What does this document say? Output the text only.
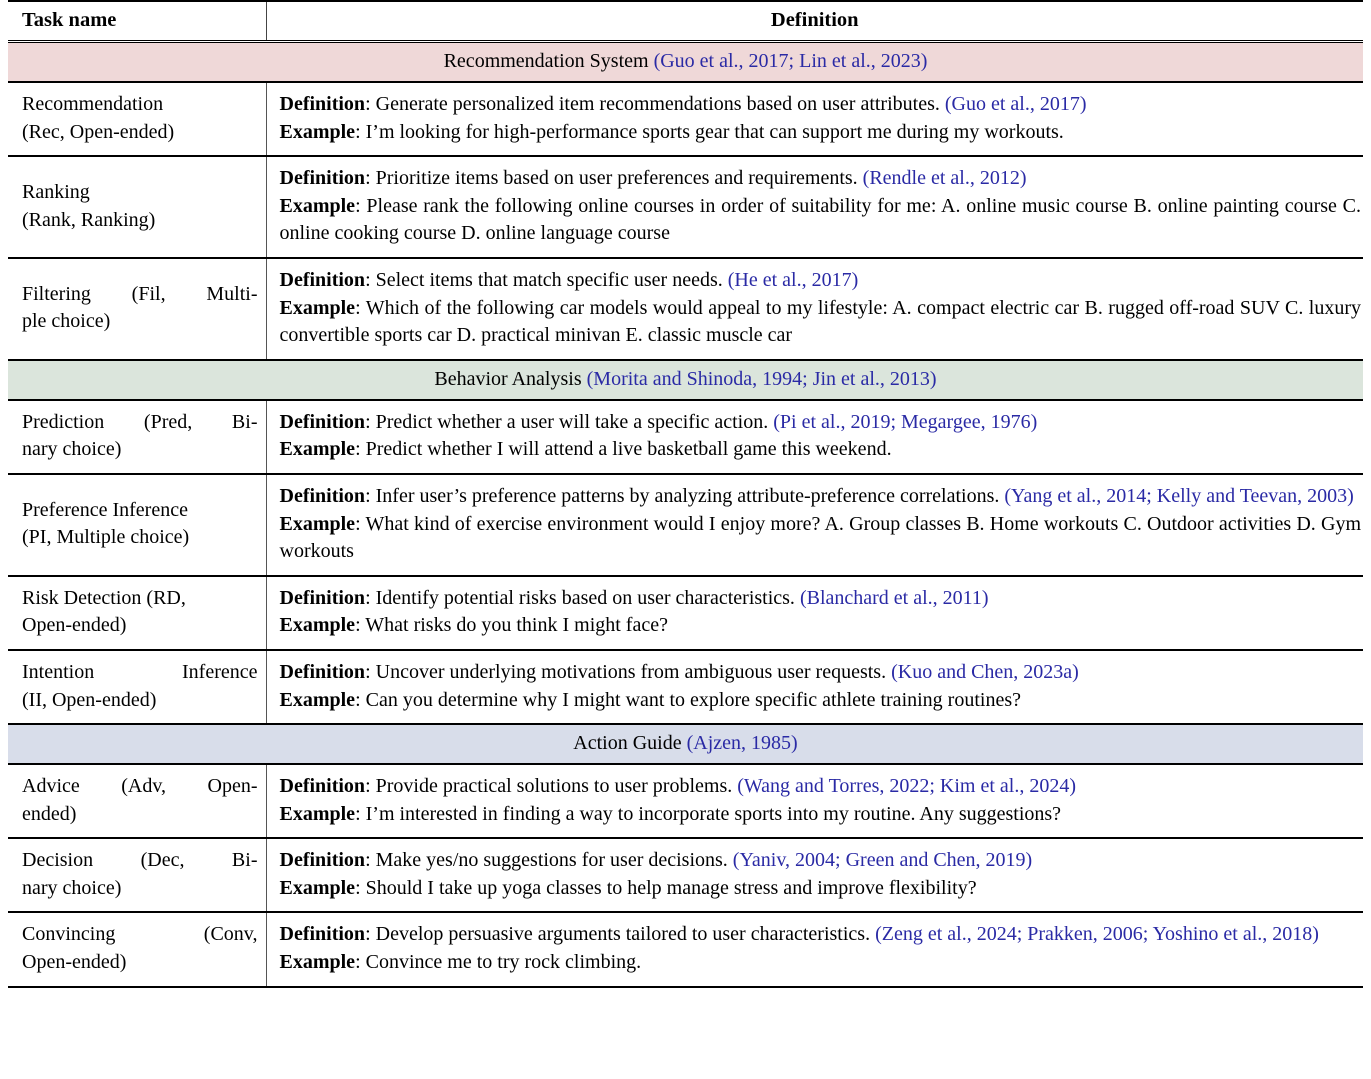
Task name	Definition
Recommendation System (Guo et al., 2017; Lin et al., 2023)	

Recommendation
(Rec, Open-ended)	Definition: Generate personalized item recommendations based on user attributes. (Guo et al., 2017)
Example: I’m looking for high-performance sports gear that can support me during my workouts.

Ranking
(Rank, Ranking)	Definition: Prioritize items based on user preferences and requirements. (Rendle et al., 2012)
Example: Please rank the following online courses in order of suitability for me: A. online music course B. online painting course C. online cooking course D. online language course

Filtering (Fil, Multi-
ple choice)	Definition: Select items that match specific user needs. (He et al., 2017)
Example: Which of the following car models would appeal to my lifestyle: A. compact electric car B. rugged off-road SUV C. luxury convertible sports car D. practical minivan E. classic muscle car

Behavior Analysis (Morita and Shinoda, 1994; Jin et al., 2013)	

Prediction (Pred, Bi-
nary choice)	Definition: Predict whether a user will take a specific action. (Pi et al., 2019; Megargee, 1976)
Example: Predict whether I will attend a live basketball game this weekend.

Preference Inference
(PI, Multiple choice)	Definition: Infer user’s preference patterns by analyzing attribute-preference correlations. (Yang et al., 2014; Kelly and Teevan, 2003)
Example: What kind of exercise environment would I enjoy more? A. Group classes B. Home workouts C. Outdoor activities D. Gym workouts

Risk Detection (RD,
Open-ended)	Definition: Identify potential risks based on user characteristics. (Blanchard et al., 2011)
Example: What risks do you think I might face?

Intention Inference
(II, Open-ended)	Definition: Uncover underlying motivations from ambiguous user requests. (Kuo and Chen, 2023a)
Example: Can you determine why I might want to explore specific athlete training routines?

Action Guide (Ajzen, 1985)	

Advice (Adv, Open-
ended)	Definition: Provide practical solutions to user problems. (Wang and Torres, 2022; Kim et al., 2024)
Example: I’m interested in finding a way to incorporate sports into my routine. Any suggestions?

Decision (Dec, Bi-
nary choice)	Definition: Make yes/no suggestions for user decisions. (Yaniv, 2004; Green and Chen, 2019)
Example: Should I take up yoga classes to help manage stress and improve flexibility?

Convincing (Conv,
Open-ended)	Definition: Develop persuasive arguments tailored to user characteristics. (Zeng et al., 2024; Prakken, 2006; Yoshino et al., 2018)
Example: Convince me to try rock climbing.
